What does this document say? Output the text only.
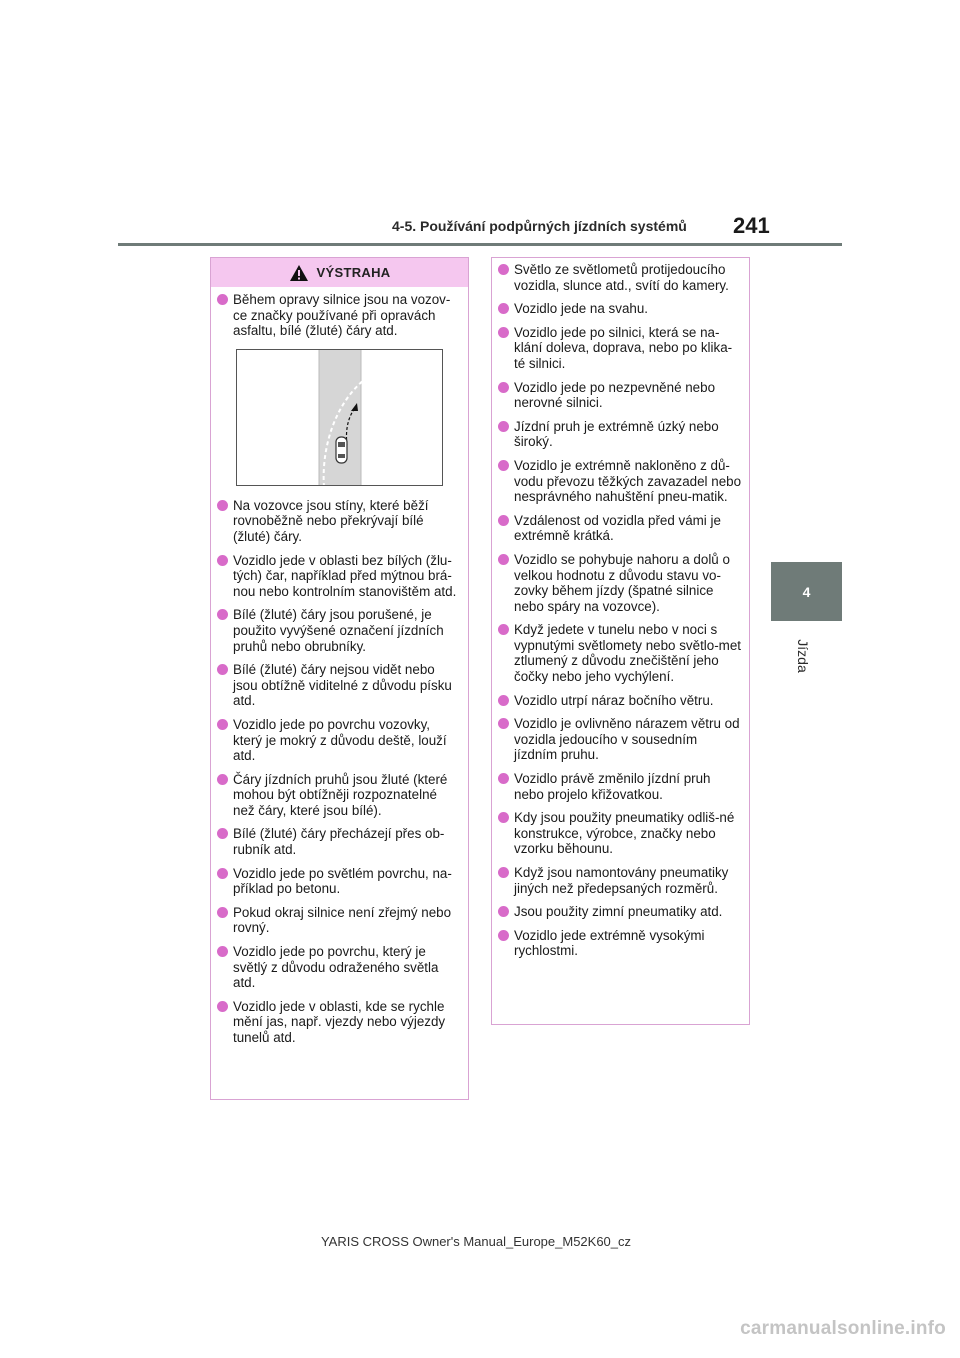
4-5. Používání podpůrných jízdních systémů 241
4
Jízda
VÝSTRAHA
Během opravy silnice jsou na vozov-ce značky používané při opravách asfaltu, bílé (žluté) čáry atd.
Na vozovce jsou stíny, které běží rovnoběžně nebo překrývají bílé (žluté) čáry.
Vozidlo jede v oblasti bez bílých (žlu-tých) čar, například před mýtnou brá-nou nebo kontrolním stanovištěm atd.
Bílé (žluté) čáry jsou porušené, je použito vyvýšené označení jízdních pruhů nebo obrubníky.
Bílé (žluté) čáry nejsou vidět nebo jsou obtížně viditelné z důvodu písku atd.
Vozidlo jede po povrchu vozovky, který je mokrý z důvodu deště, louží atd.
Čáry jízdních pruhů jsou žluté (které mohou být obtížněji rozpoznatelné než čáry, které jsou bílé).
Bílé (žluté) čáry přecházejí přes ob-rubník atd.
Vozidlo jede po světlém povrchu, na-příklad po betonu.
Pokud okraj silnice není zřejmý nebo rovný.
Vozidlo jede po povrchu, který je světlý z důvodu odraženého světla atd.
Vozidlo jede v oblasti, kde se rychle mění jas, např. vjezdy nebo výjezdy tunelů atd.
Světlo ze světlometů protijedoucího vozidla, slunce atd., svítí do kamery.
Vozidlo jede na svahu.
Vozidlo jede po silnici, která se na-klání doleva, doprava, nebo po klika-té silnici.
Vozidlo jede po nezpevněné nebo nerovné silnici.
Jízdní pruh je extrémně úzký nebo široký.
Vozidlo je extrémně nakloněno z dů-vodu převozu těžkých zavazadel nebo nesprávného nahuštění pneu-matik.
Vzdálenost od vozidla před vámi je extrémně krátká.
Vozidlo se pohybuje nahoru a dolů o velkou hodnotu z důvodu stavu vo-zovky během jízdy (špatné silnice nebo spáry na vozovce).
Když jedete v tunelu nebo v noci s vypnutými světlomety nebo světlo-met ztlumený z důvodu znečištění jeho čočky nebo jeho vychýlení.
Vozidlo utrpí náraz bočního větru.
Vozidlo je ovlivněno nárazem větru od vozidla jedoucího v sousedním jízdním pruhu.
Vozidlo právě změnilo jízdní pruh nebo projelo křižovatkou.
Kdy jsou použity pneumatiky odliš-né konstrukce, výrobce, značky nebo vzorku běhounu.
Když jsou namontovány pneumatiky jiných než předepsaných rozměrů.
Jsou použity zimní pneumatiky atd.
Vozidlo jede extrémně vysokými rychlostmi.
YARIS CROSS Owner's Manual_Europe_M52K60_cz
carmanualsonline.info
